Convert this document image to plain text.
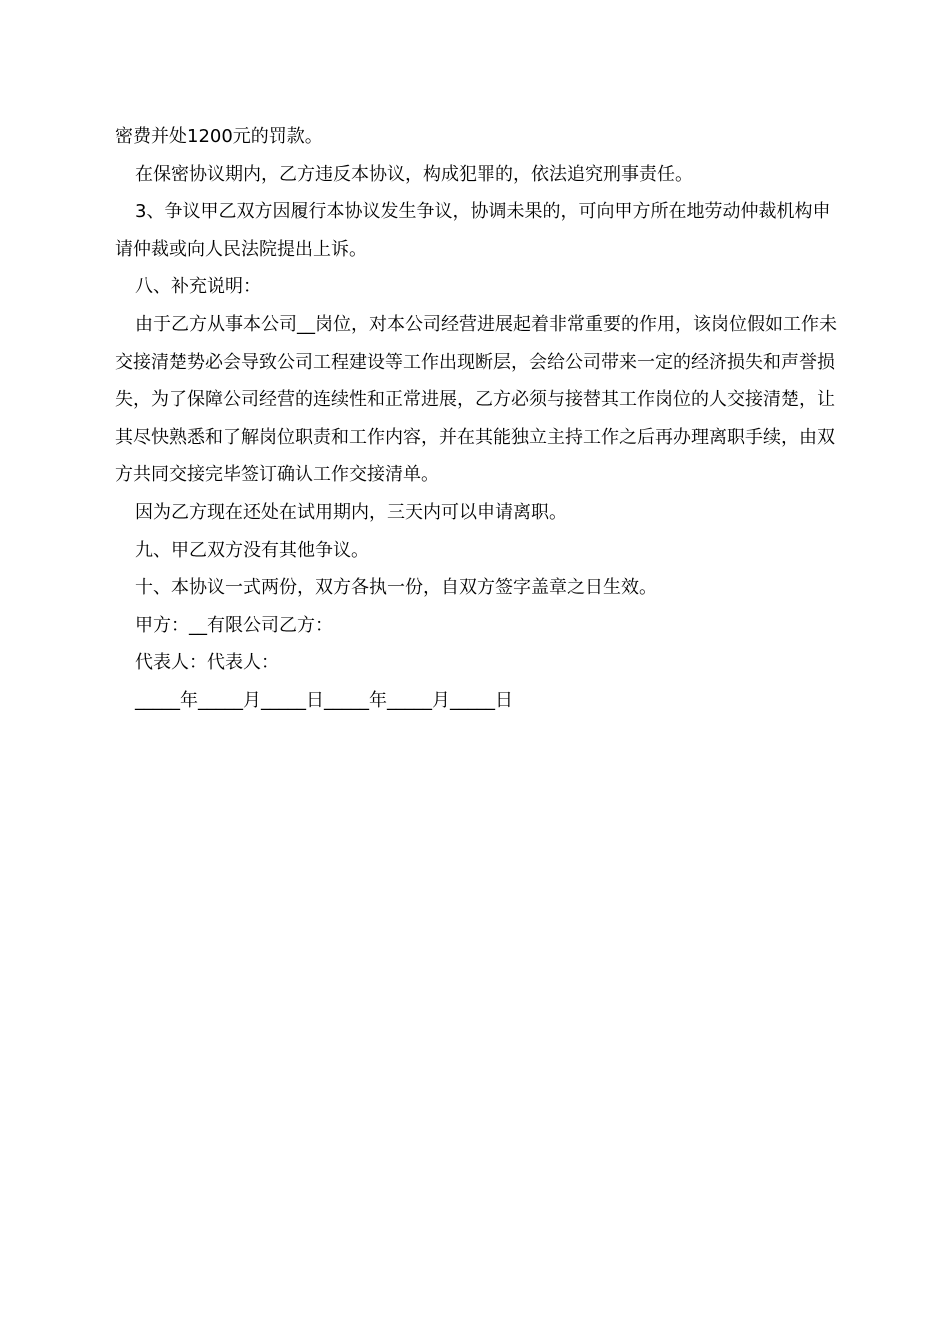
密费并处1200元的罚款。

在保密协议期内，乙方违反本协议，构成犯罪的，依法追究刑事责任。

3、争议甲乙双方因履行本协议发生争议，协调未果的，可向甲方所在地劳动仲裁机构申请仲裁或向人民法院提出上诉。

八、补充说明：

由于乙方从事本公司__岗位，对本公司经营进展起着非常重要的作用，该岗位假如工作未交接清楚势必会导致公司工程建设等工作出现断层，会给公司带来一定的经济损失和声誉损失，为了保障公司经营的连续性和正常进展，乙方必须与接替其工作岗位的人交接清楚，让其尽快熟悉和了解岗位职责和工作内容，并在其能独立主持工作之后再办理离职手续，由双方共同交接完毕签订确认工作交接清单。

因为乙方现在还处在试用期内，三天内可以申请离职。

九、甲乙双方没有其他争议。

十、本协议一式两份，双方各执一份，自双方签字盖章之日生效。

甲方：__有限公司乙方：

代表人：代表人：

_____年_____月_____日_____年_____月_____日
